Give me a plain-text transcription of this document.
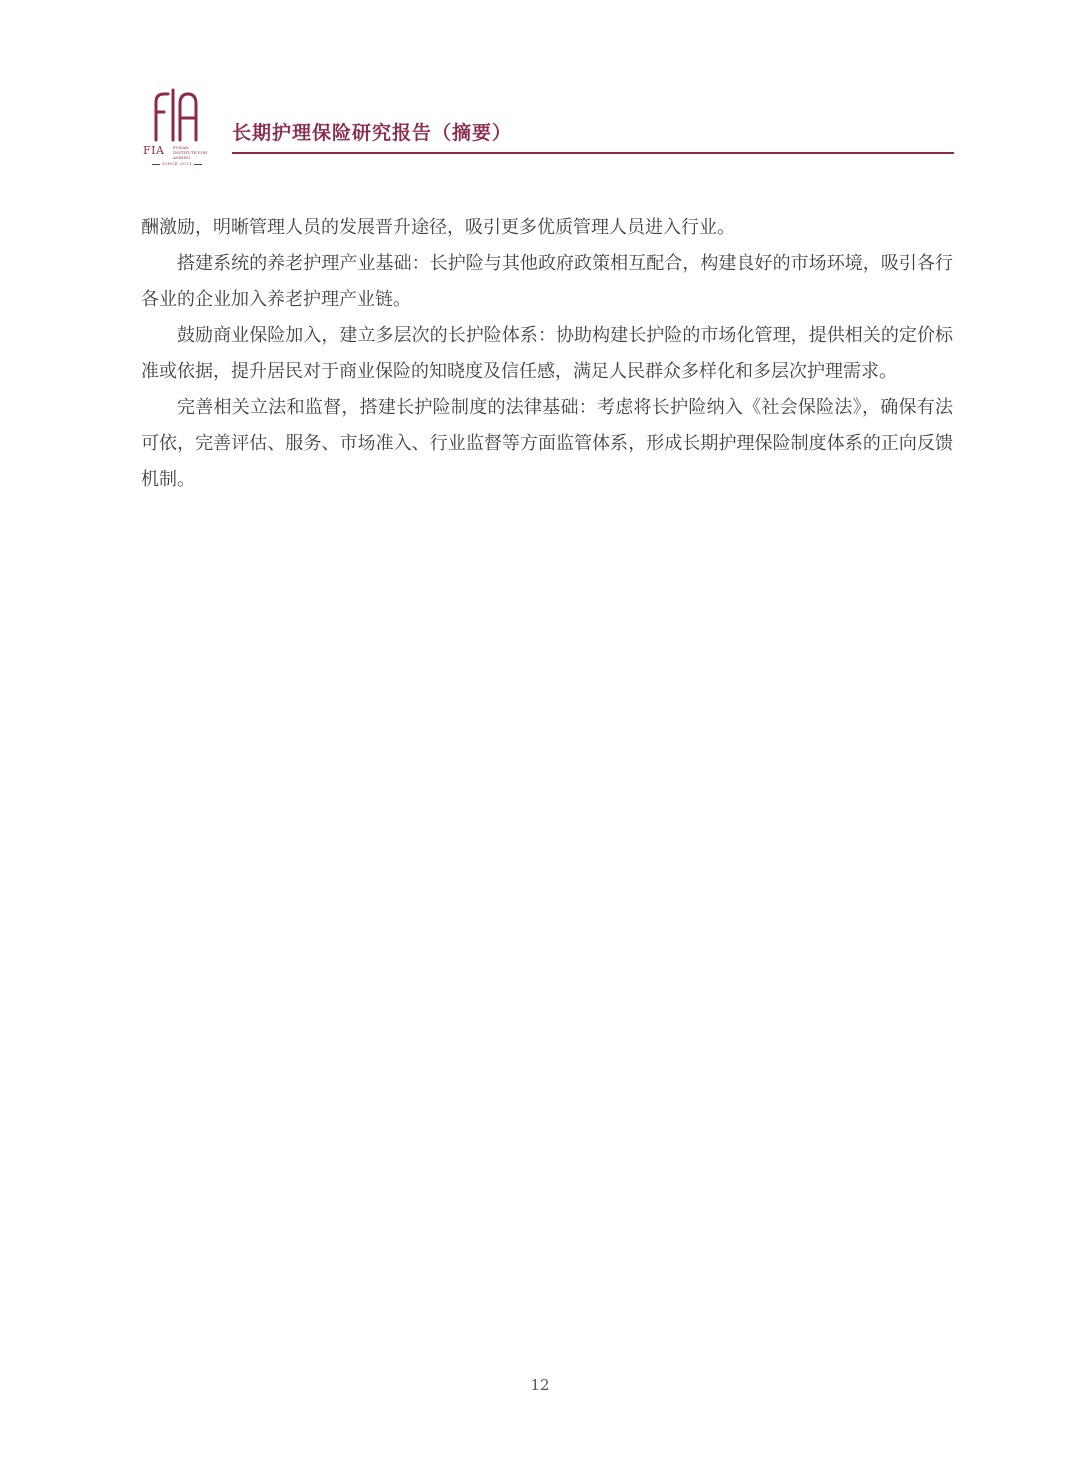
FIA FUDAN INSTITUTE FOR AGEING
SINCE 2021
长期护理保险研究报告（摘要）

酬激励，明晰管理人员的发展晋升途径，吸引更多优质管理人员进入行业。

搭建系统的养老护理产业基础：长护险与其他政府政策相互配合，构建良好的市场环境，吸引各行各业的企业加入养老护理产业链。

鼓励商业保险加入，建立多层次的长护险体系：协助构建长护险的市场化管理，提供相关的定价标准或依据，提升居民对于商业保险的知晓度及信任感，满足人民群众多样化和多层次护理需求。

完善相关立法和监督，搭建长护险制度的法律基础：考虑将长护险纳入《社会保险法》，确保有法可依，完善评估、服务、市场准入、行业监督等方面监管体系，形成长期护理保险制度体系的正向反馈机制。

12
